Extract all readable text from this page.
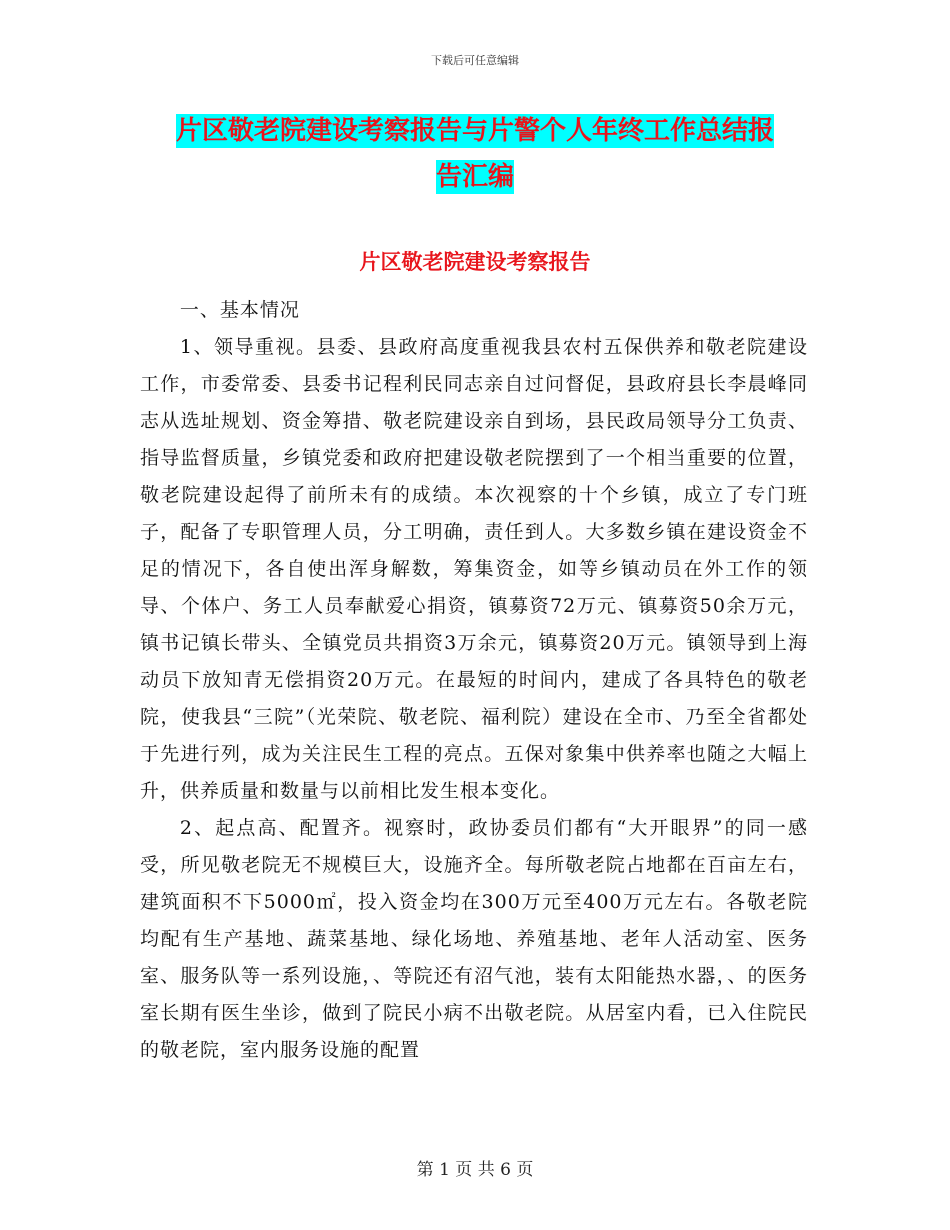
下载后可任意编辑
片区敬老院建设考察报告与片警个人年终工作总结报
告汇编
片区敬老院建设考察报告

一、基本情况

1、领导重视。县委、县政府高度重视我县农村五保供养和敬老院建设工作，市委常委、县委书记程利民同志亲自过问督促，县政府县长李晨峰同志从选址规划、资金筹措、敬老院建设亲自到场，县民政局领导分工负责、指导监督质量，乡镇党委和政府把建设敬老院摆到了一个相当重要的位置，敬老院建设起得了前所未有的成绩。本次视察的十个乡镇，成立了专门班子，配备了专职管理人员，分工明确，责任到人。大多数乡镇在建设资金不足的情况下，各自使出浑身解数，筹集资金，如等乡镇动员在外工作的领导、个体户、务工人员奉献爱心捐资，镇募资72万元、镇募资50余万元，镇书记镇长带头、全镇党员共捐资3万余元，镇募资20万元。镇领导到上海动员下放知青无偿捐资20万元。在最短的时间内，建成了各具特色的敬老院，使我县“三院”（光荣院、敬老院、福利院）建设在全市、乃至全省都处于先进行列，成为关注民生工程的亮点。五保对象集中供养率也随之大幅上升，供养质量和数量与以前相比发生根本变化。

2、起点高、配置齐。视察时，政协委员们都有“大开眼界”的同一感受，所见敬老院无不规模巨大，设施齐全。每所敬老院占地都在百亩左右，建筑面积不下5000㎡，投入资金均在300万元至400万元左右。各敬老院均配有生产基地、蔬菜基地、绿化场地、养殖基地、老年人活动室、医务室、服务队等一系列设施，、等院还有沼气池，装有太阳能热水器，、的医务室长期有医生坐诊，做到了院民小病不出敬老院。从居室内看，已入住院民的敬老院，室内服务设施的配置

第 1 页 共 6 页
